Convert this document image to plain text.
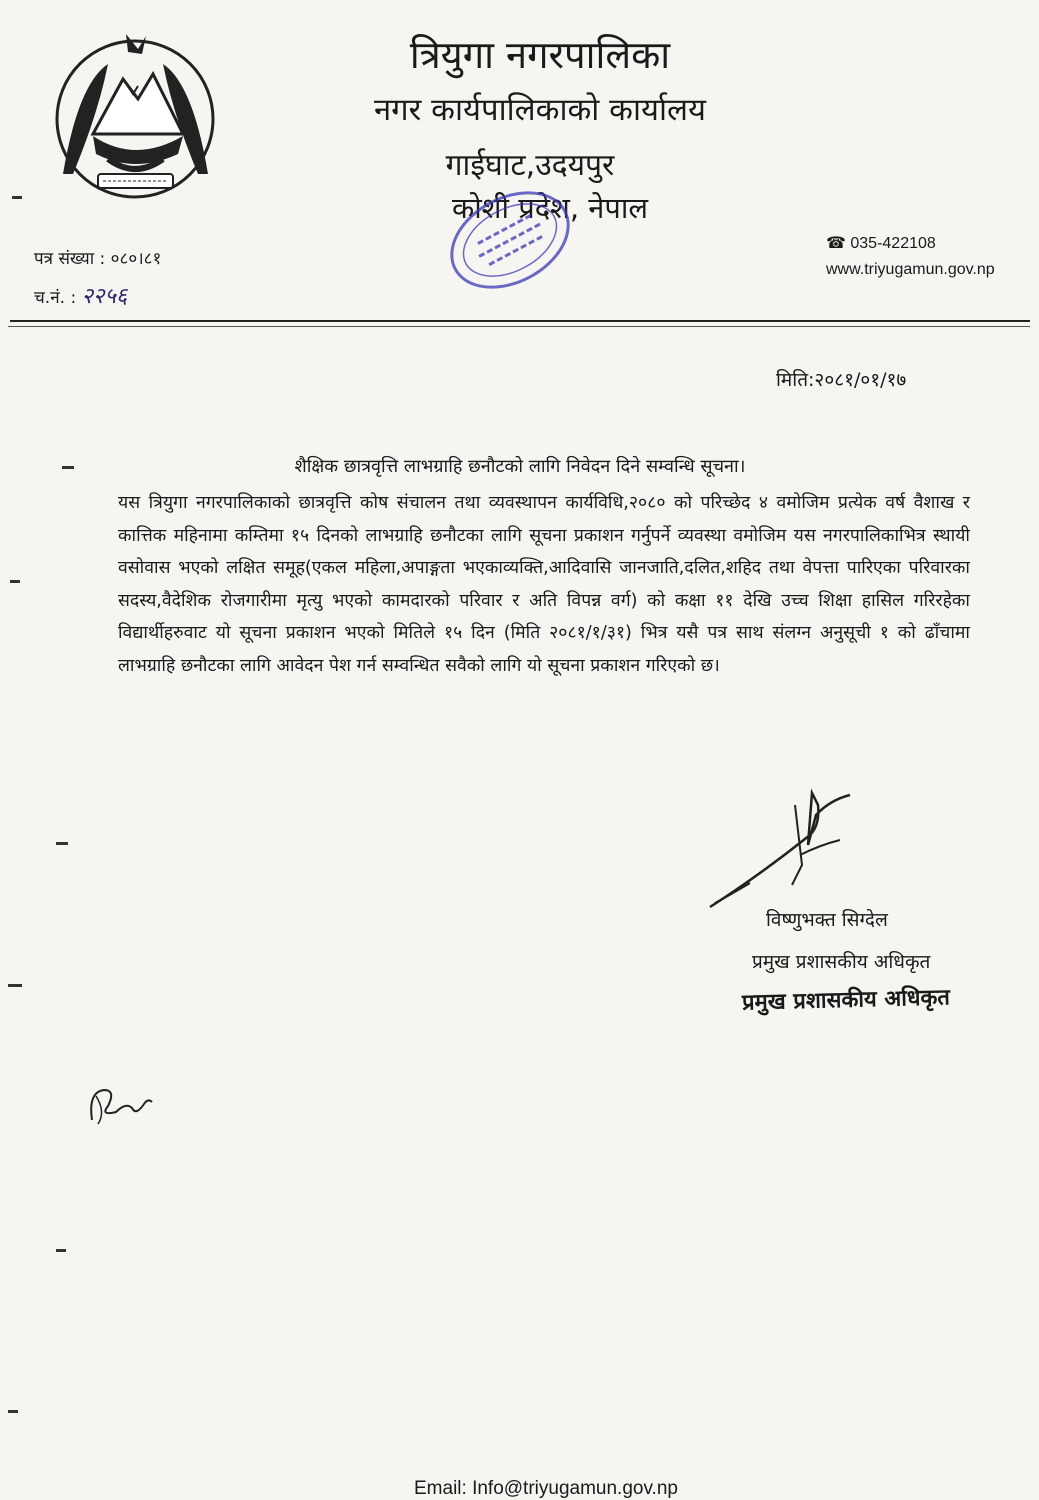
त्रियुगा नगरपालिका
नगर कार्यपालिकाको कार्यालय
गाईघाट,उदयपुर
कोशी प्रदेश, नेपाल
पत्र संख्या : ०८०।८१
च.नं. : २२५६
☎ 035-422108
www.triyugamun.gov.np
मिति:२०८१/०१/१७
शैक्षिक छात्रवृत्ति लाभग्राहि छनौटको लागि निवेदन दिने सम्वन्धि सूचना।

यस त्रियुगा नगरपालिकाको छात्रवृत्ति कोष संचालन तथा व्यवस्थापन कार्यविधि,२०८० को परिच्छेद ४ वमोजिम प्रत्येक वर्ष वैशाख र कात्तिक महिनामा कम्तिमा १५ दिनको लाभग्राहि छनौटका लागि सूचना प्रकाशन गर्नुपर्ने व्यवस्था वमोजिम यस नगरपालिकाभित्र स्थायी वसोवास भएको लक्षित समूह(एकल महिला,अपाङ्गता भएकाव्यक्ति,आदिवासि जानजाति,दलित,शहिद तथा वेपत्ता पारिएका परिवारका सदस्य,वैदेशिक रोजगारीमा मृत्यु भएको कामदारको परिवार र अति विपन्न वर्ग) को कक्षा ११ देखि उच्च शिक्षा हासिल गरिरहेका विद्यार्थीहरुवाट यो सूचना प्रकाशन भएको मितिले १५ दिन (मिति २०८१/१/३१) भित्र यसै पत्र साथ संलग्न अनुसूची १ को ढाँचामा लाभग्राहि छनौटका लागि आवेदन पेश गर्न सम्वन्धित सवैको लागि यो सूचना प्रकाशन गरिएको छ।

विष्णुभक्त सिग्देल
प्रमुख प्रशासकीय अधिकृत
प्रमुख प्रशासकीय अधिकृत
Email: Info@triyugamun.gov.np
